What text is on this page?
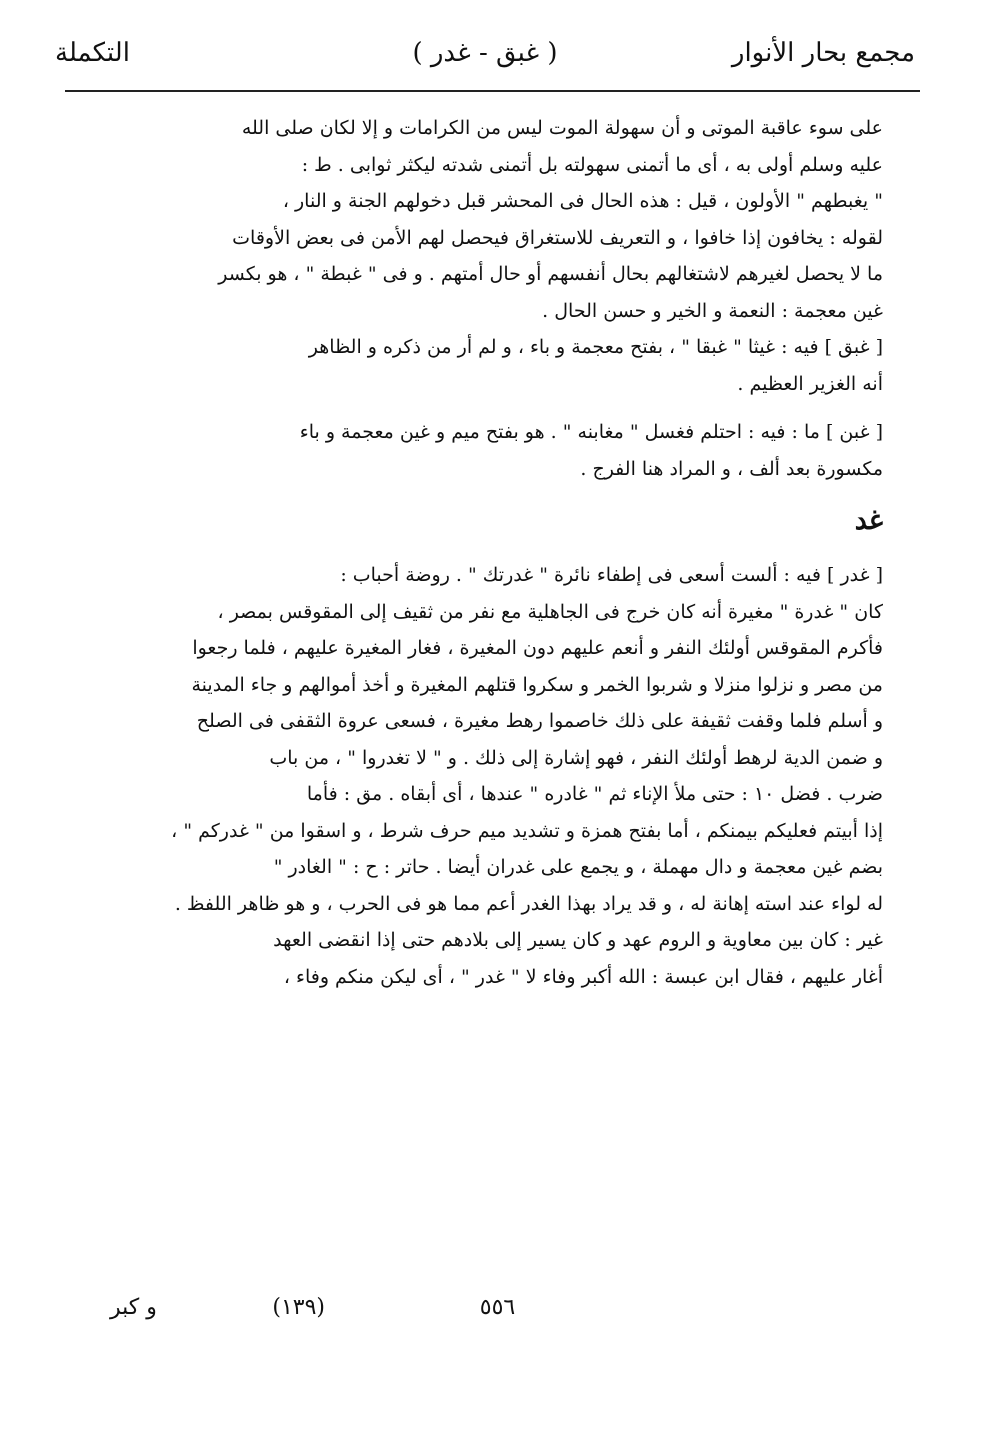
مجمع بحار الأنوار
( غبق - غدر )
التكملة

على سوء عاقبة الموتى و أن سهولة الموت ليس من الكرامات و إلا لكان صلى الله
عليه وسلم أولى به ، أى ما أتمنى سهولته بل أتمنى شدته ليكثر ثوابى . ط :
" يغبطهم " الأولون ، قيل : هذه الحال فى المحشر قبل دخولهم الجنة و النار ،
لقوله : يخافون إذا خافوا ، و التعريف للاستغراق فيحصل لهم الأمن فى بعض الأوقات
ما لا يحصل لغيرهم لاشتغالهم بحال أنفسهم أو حال أمتهم . و فى " غبطة " ، هو بكسر
غين معجمة : النعمة و الخير و حسن الحال .

[ غبق ] فيه : غيثا " غبقا " ، بفتح معجمة و باء ، و لم أر من ذكره و الظاهر
أنه الغزير العظيم .

[ غبن ] ما : فيه : احتلم فغسل " مغابنه " . هو بفتح ميم و غين معجمة و باء
مكسورة بعد ألف ، و المراد هنا الفرج .

غد

[ غدر ] فيه : ألست أسعى فى إطفاء نائرة " غدرتك " . روضة أحباب :
كان " غدرة " مغيرة أنه كان خرج فى الجاهلية مع نفر من ثقيف إلى المقوقس بمصر ،
فأكرم المقوقس أولئك النفر و أنعم عليهم دون المغيرة ، فغار المغيرة عليهم ، فلما رجعوا
من مصر و نزلوا منزلا و شربوا الخمر و سكروا قتلهم المغيرة و أخذ أموالهم و جاء المدينة
و أسلم فلما وقفت ثقيفة على ذلك خاصموا رهط مغيرة ، فسعى عروة الثقفى فى الصلح
و ضمن الدية لرهط أولئك النفر ، فهو إشارة إلى ذلك . و " لا تغدروا " ، من باب
ضرب . فضل ١٠ : حتى ملأ الإناء ثم " غادره " عندها ، أى أبقاه . مق : فأما
إذا أبيتم فعليكم بيمنكم ، أما بفتح همزة و تشديد ميم حرف شرط ، و اسقوا من " غدركم " ،
بضم غين معجمة و دال مهملة ، و يجمع على غدران أيضا . حاتر : ح : " الغادر "
له لواء عند استه إهانة له ، و قد يراد بهذا الغدر أعم مما هو فى الحرب ، و هو ظاهر اللفظ .
غير : كان بين معاوية و الروم عهد و كان يسير إلى بلادهم حتى إذا انقضى العهد
أغار عليهم ، فقال ابن عبسة : الله أكبر وفاء لا " غدر " ، أى ليكن منكم وفاء ،

و كبر	٥٥٦
(١٣٩)
